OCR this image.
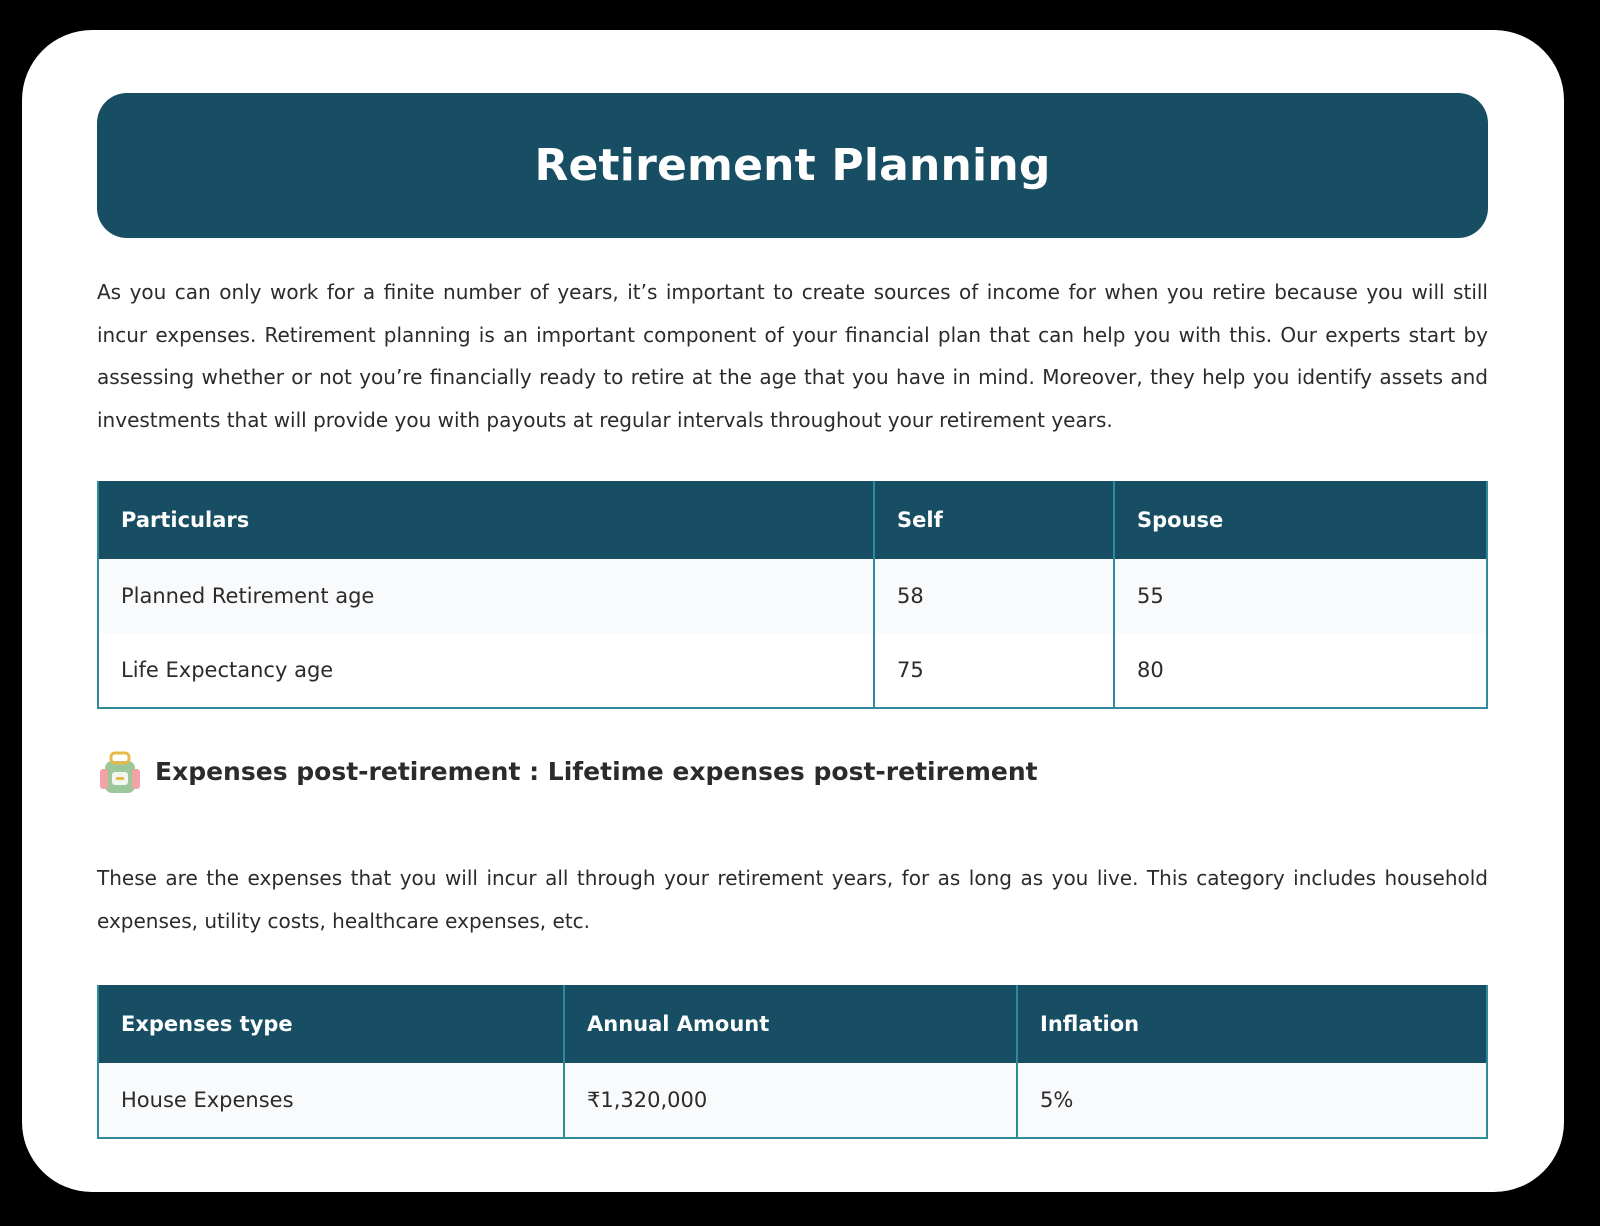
Retirement Planning

As you can only work for a finite number of years, it’s important to create sources of income for when you retire because you will still incur expenses. Retirement planning is an important component of your financial plan that can help you with this. Our experts start by assessing whether or not you’re financially ready to retire at the age that you have in mind. Moreover, they help you identify assets and investments that will provide you with payouts at regular intervals throughout your retirement years.

Particulars	Self	Spouse
Planned Retirement age	58	55
Life Expectancy age	75	80
Expenses post-retirement : Lifetime expenses post-retirement

These are the expenses that you will incur all through your retirement years, for as long as you live. This category includes household expenses, utility costs, healthcare expenses, etc.

Expenses type	Annual Amount	Inflation
House Expenses	₹1,320,000	5%
